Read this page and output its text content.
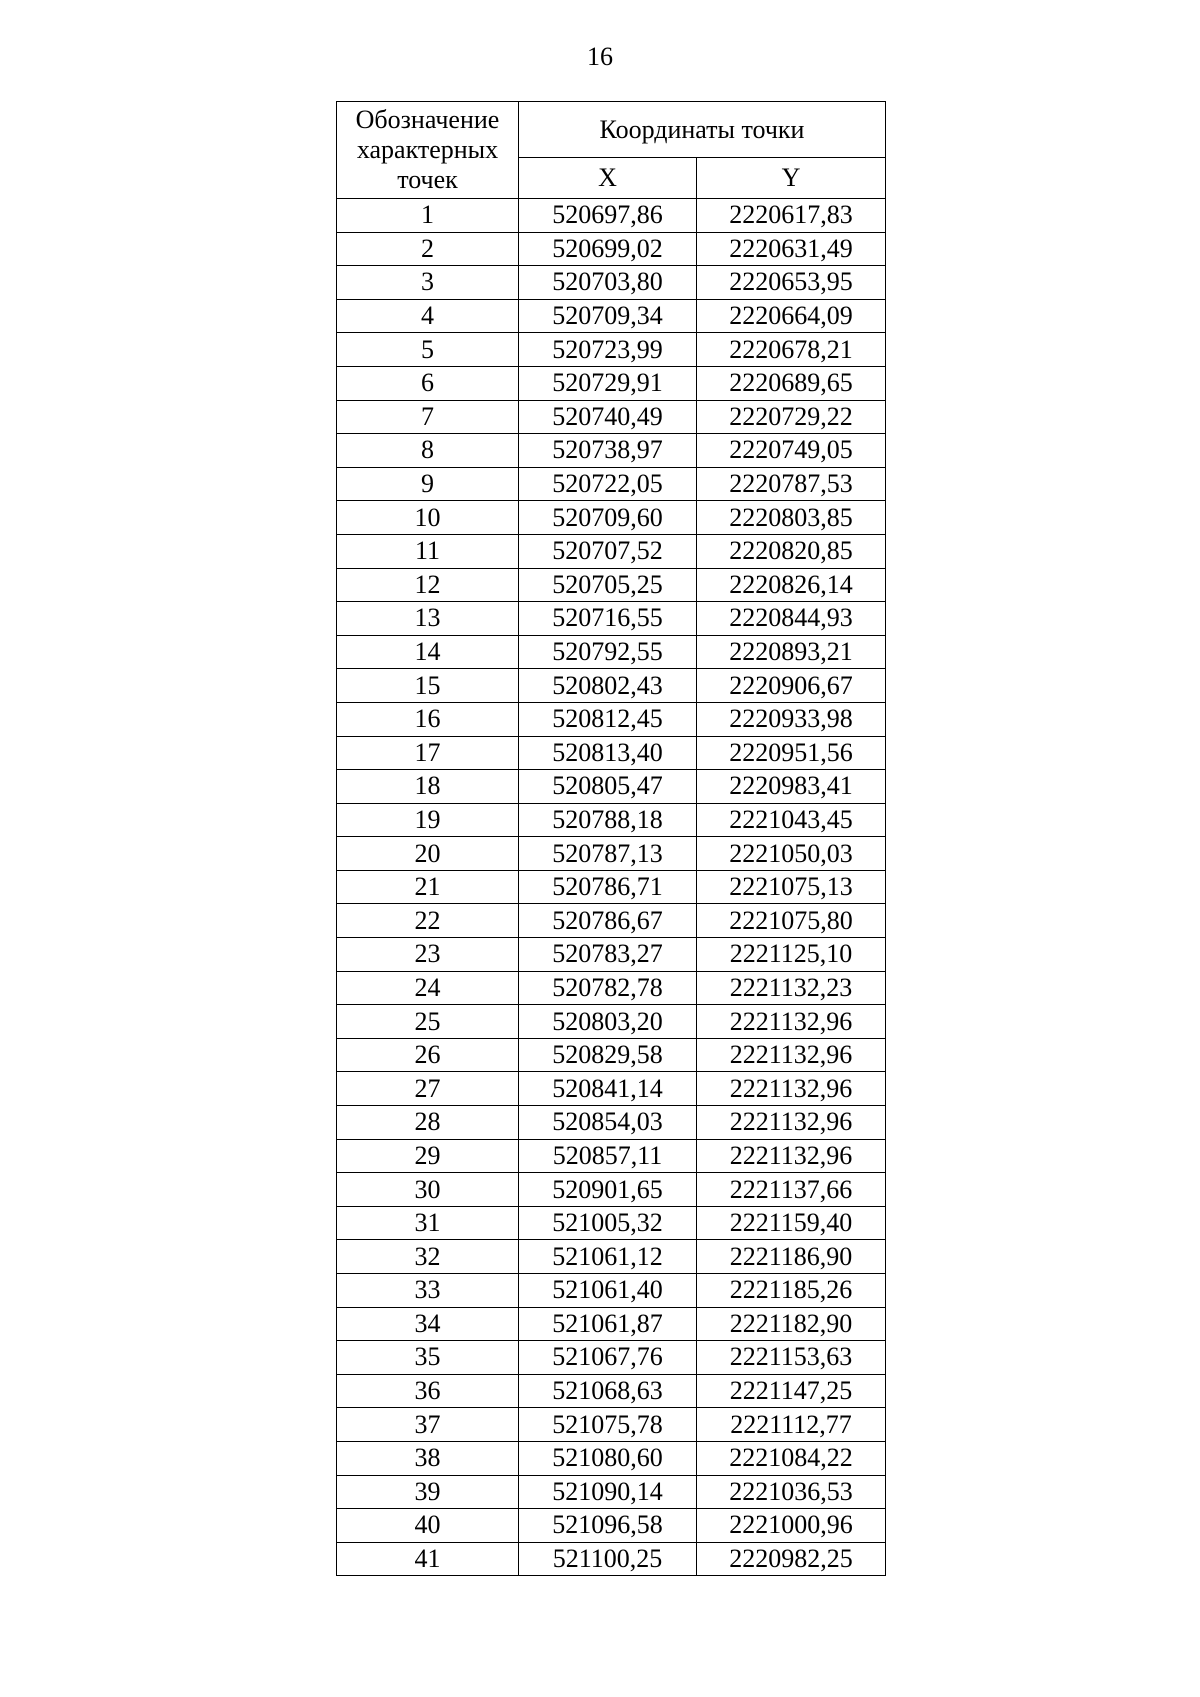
16
Обозначение
характерных
точек	Координаты точки	
	X	Y
1	520697,86	2220617,83
2	520699,02	2220631,49
3	520703,80	2220653,95
4	520709,34	2220664,09
5	520723,99	2220678,21
6	520729,91	2220689,65
7	520740,49	2220729,22
8	520738,97	2220749,05
9	520722,05	2220787,53
10	520709,60	2220803,85
11	520707,52	2220820,85
12	520705,25	2220826,14
13	520716,55	2220844,93
14	520792,55	2220893,21
15	520802,43	2220906,67
16	520812,45	2220933,98
17	520813,40	2220951,56
18	520805,47	2220983,41
19	520788,18	2221043,45
20	520787,13	2221050,03
21	520786,71	2221075,13
22	520786,67	2221075,80
23	520783,27	2221125,10
24	520782,78	2221132,23
25	520803,20	2221132,96
26	520829,58	2221132,96
27	520841,14	2221132,96
28	520854,03	2221132,96
29	520857,11	2221132,96
30	520901,65	2221137,66
31	521005,32	2221159,40
32	521061,12	2221186,90
33	521061,40	2221185,26
34	521061,87	2221182,90
35	521067,76	2221153,63
36	521068,63	2221147,25
37	521075,78	2221112,77
38	521080,60	2221084,22
39	521090,14	2221036,53
40	521096,58	2221000,96
41	521100,25	2220982,25
